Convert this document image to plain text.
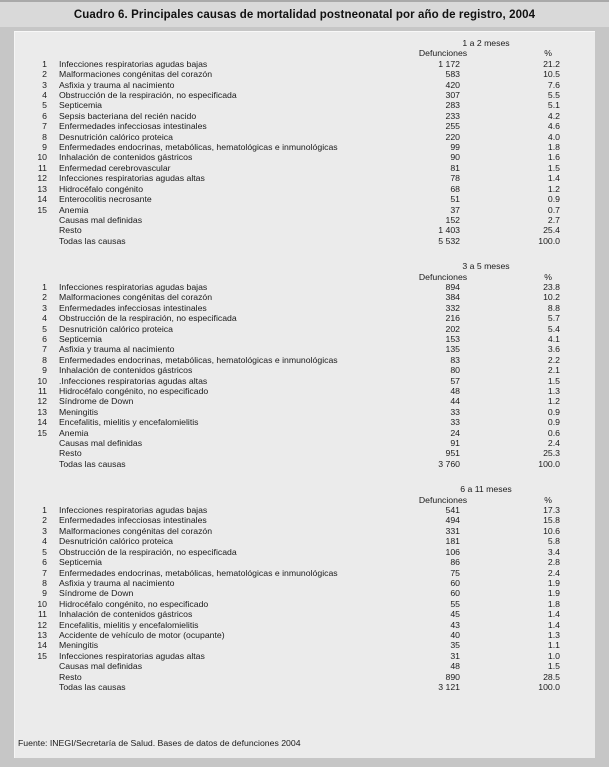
Cuadro 6. Principales causas de mortalidad postneonatal por año de registro, 2004
1 a 2 meses
Defunciones	%
1 Infecciones respiratorias agudas bajas	1 172	21.2
2 Malformaciones congénitas del corazón	583	10.5
3 Asfixia y trauma al nacimiento	420	7.6
4 Obstrucción de la respiración, no especificada	307	5.5
5 Septicemia	283	5.1
6 Sepsis bacteriana del recién nacido	233	4.2
7 Enfermedades infecciosas intestinales	255	4.6
8 Desnutrición calórico proteica	220	4.0
9 Enfermedades endocrinas, metabólicas, hematológicas e inmunológicas	99	1.8
10 Inhalación de contenidos gástricos	90	1.6
11 Enfermedad cerebrovascular	81	1.5
12 Infecciones respiratorias agudas altas	78	1.4
13 Hidrocéfalo congénito	68	1.2
14 Enterocolitis necrosante	51	0.9
15 Anemia	37	0.7
Causas mal definidas	152	2.7
Resto	1 403	25.4
Todas las causas	5 532	100.0
3 a 5 meses
Defunciones	%
1 Infecciones respiratorias agudas bajas	894	23.8
2 Malformaciones congénitas del corazón	384	10.2
3 Enfermedades infecciosas intestinales	332	8.8
4 Obstrucción de la respiración, no especificada	216	5.7
5 Desnutrición calórico proteica	202	5.4
6 Septicemia	153	4.1
7 Asfixia y trauma al nacimiento	135	3.6
8 Enfermedades endocrinas, metabólicas, hematológicas e inmunológicas	83	2.2
9 Inhalación de contenidos gástricos	80	2.1
10 .Infecciones respiratorias agudas altas	57	1.5
11 Hidrocéfalo congénito, no especificado	48	1.3
12 Síndrome de Down	44	1.2
13 Meningitis	33	0.9
14 Encefalitis, mielitis y encefalomielitis	33	0.9
15 Anemia	24	0.6
Causas mal definidas	91	2.4
Resto	951	25.3
Todas las causas	3 760	100.0
6 a 11 meses
Defunciones	%
1 Infecciones respiratorias agudas bajas	541	17.3
2 Enfermedades infecciosas intestinales	494	15.8
3 Malformaciones congénitas del corazón	331	10.6
4 Desnutrición calórico proteica	181	5.8
5 Obstrucción de la respiración, no especificada	106	3.4
6 Septicemia	86	2.8
7 Enfermedades endocrinas, metabólicas, hematológicas e inmunológicas	75	2.4
8 Asfixia y trauma al nacimiento	60	1.9
9 Síndrome de Down	60	1.9
10 Hidrocéfalo congénito, no especificado	55	1.8
11 Inhalación de contenidos gástricos	45	1.4
12 Encefalitis, mielitis y encefalomielitis	43	1.4
13 Accidente de vehículo de motor (ocupante)	40	1.3
14 Meningitis	35	1.1
15 Infecciones respiratorias agudas altas	31	1.0
Causas mal definidas	48	1.5
Resto	890	28.5
Todas las causas	3 121	100.0
Fuente: INEGI/Secretaría de Salud. Bases de datos de defunciones 2004
